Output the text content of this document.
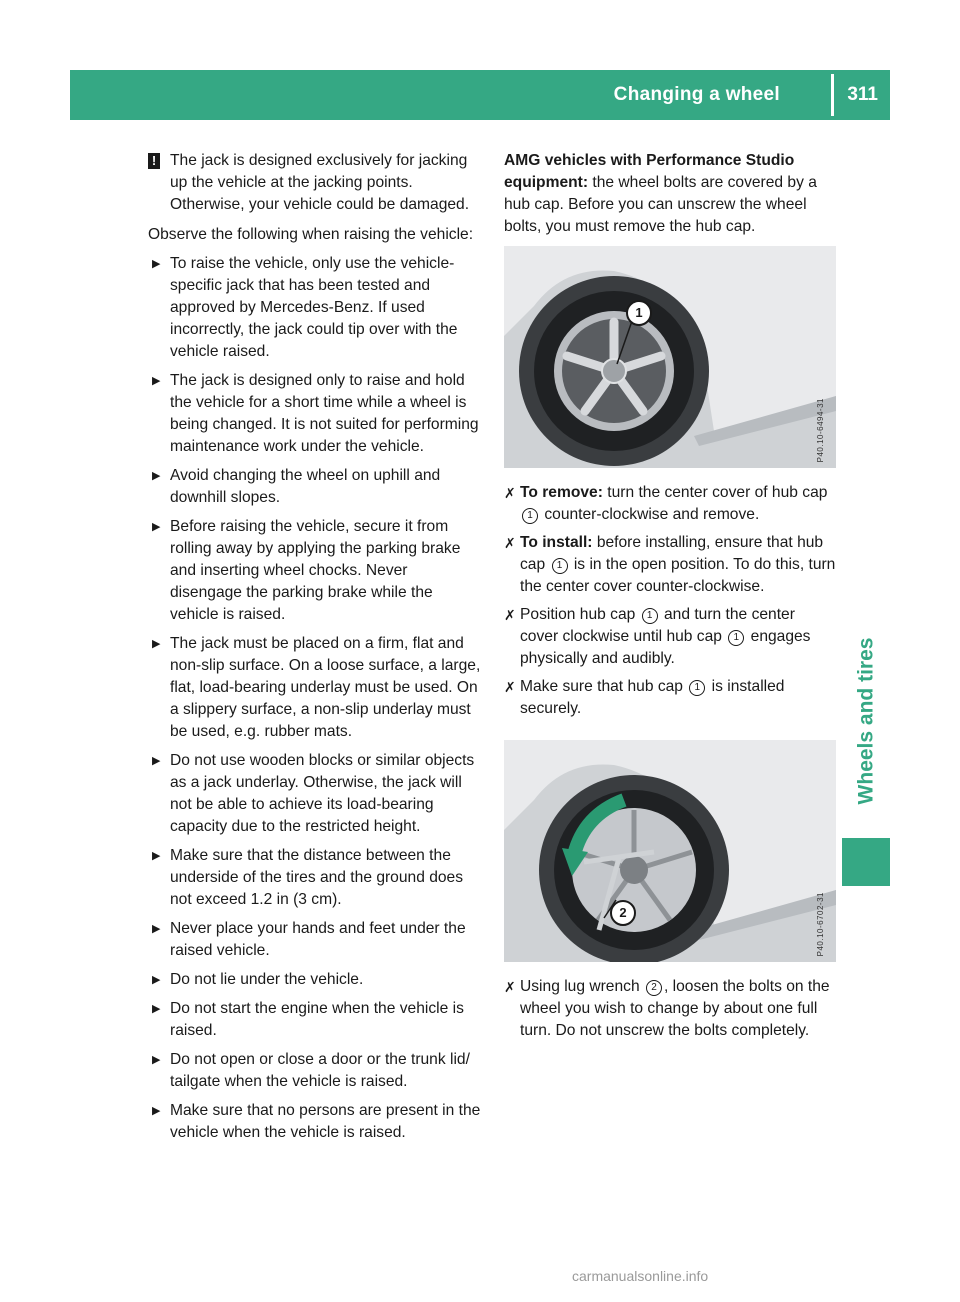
Changing a wheel	311
Wheels and tires
! The jack is designed exclusively for jacking up the vehicle at the jacking points. Otherwise, your vehicle could be damaged.

Observe the following when raising the vehicle:

▶ To raise the vehicle, only use the vehicle-specific jack that has been tested and approved by Mercedes-Benz. If used incorrectly, the jack could tip over with the vehicle raised.
▶ The jack is designed only to raise and hold the vehicle for a short time while a wheel is being changed. It is not suited for performing maintenance work under the vehicle.
▶ Avoid changing the wheel on uphill and downhill slopes.
▶ Before raising the vehicle, secure it from rolling away by applying the parking brake and inserting wheel chocks. Never disengage the parking brake while the vehicle is raised.
▶ The jack must be placed on a firm, flat and non-slip surface. On a loose surface, a large, flat, load-bearing underlay must be used. On a slippery surface, a non-slip underlay must be used, e.g. rubber mats.
▶ Do not use wooden blocks or similar objects as a jack underlay. Otherwise, the jack will not be able to achieve its load-bearing capacity due to the restricted height.
▶ Make sure that the distance between the underside of the tires and the ground does not exceed 1.2 in (3 cm).
▶ Never place your hands and feet under the raised vehicle.
▶ Do not lie under the vehicle.
▶ Do not start the engine when the vehicle is raised.
▶ Do not open or close a door or the trunk lid/ tailgate when the vehicle is raised.
▶ Make sure that no persons are present in the vehicle when the vehicle is raised.

AMG vehicles with Performance Studio equipment: the wheel bolts are covered by a hub cap. Before you can unscrew the wheel bolts, you must remove the hub cap.

1
P40.10-6494-31
✗ To remove: turn the center cover of hub cap 1 counter-clockwise and remove.
✗ To install: before installing, ensure that hub cap 1 is in the open position. To do this, turn the center cover counter-clockwise.
✗ Position hub cap 1 and turn the center cover clockwise until hub cap 1 engages physically and audibly.
✗ Make sure that hub cap 1 is installed securely.
2	P40.10-6702-31
✗ Using lug wrench 2 , loosen the bolts on the wheel you wish to change by about one full turn. Do not unscrew the bolts completely.
carmanualsonline.info
